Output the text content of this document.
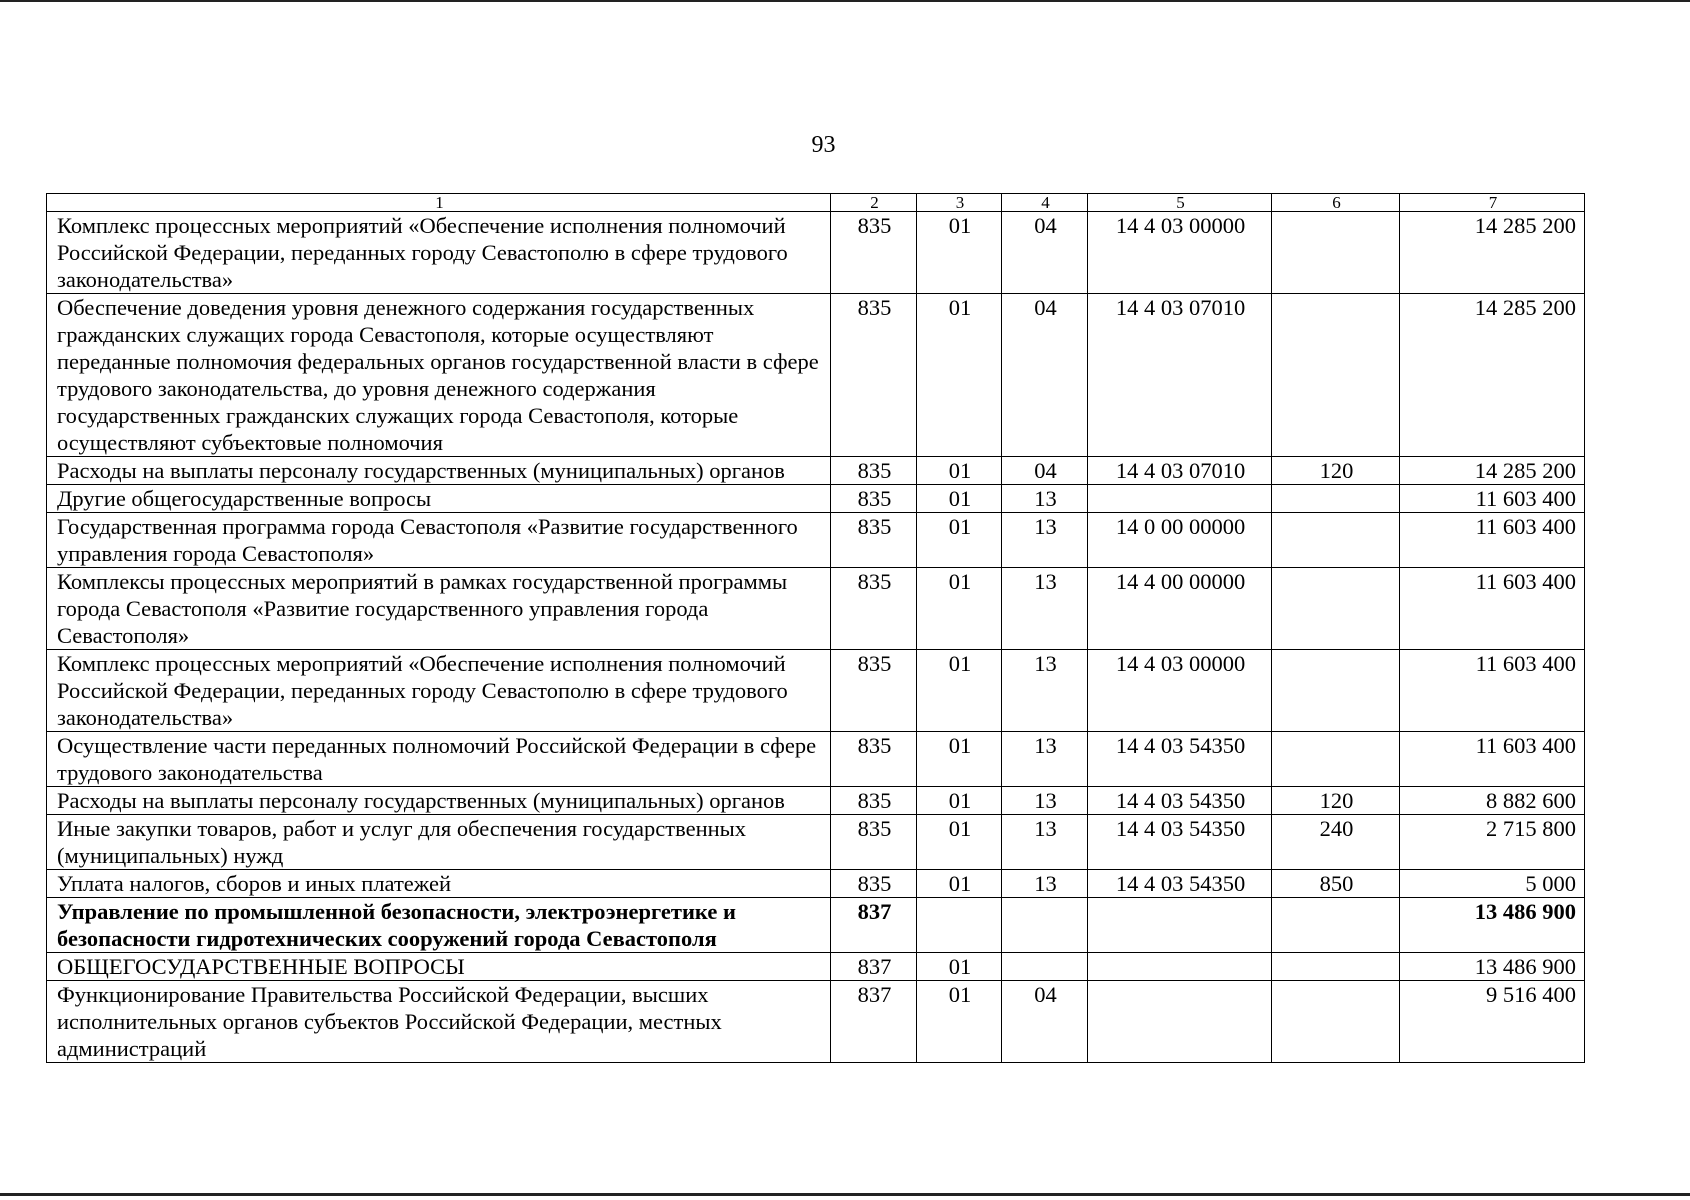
93
1	2	3	4	5	6	7
Комплекс процессных мероприятий «Обеспечение исполнения полномочий Российской Федерации, переданных городу Севастополю в сфере трудового законодательства»	835	01	04	14 4 03 00000		14 285 200
Обеспечение доведения уровня денежного содержания государственных гражданских служащих города Севастополя, которые осуществляют переданные полномочия федеральных органов государственной власти в сфере трудового законодательства, до уровня денежного содержания государственных гражданских служащих города Севастополя, которые осуществляют субъектовые полномочия	835	01	04	14 4 03 07010		14 285 200
Расходы на выплаты персоналу государственных (муниципальных) органов	835	01	04	14 4 03 07010	120	14 285 200
Другие общегосударственные вопросы	835	01	13			11 603 400
Государственная программа города Севастополя «Развитие государственного управления города Севастополя»	835	01	13	14 0 00 00000		11 603 400
Комплексы процессных мероприятий в рамках государственной программы города Севастополя «Развитие государственного управления города Севастополя»	835	01	13	14 4 00 00000		11 603 400
Комплекс процессных мероприятий «Обеспечение исполнения полномочий Российской Федерации, переданных городу Севастополю в сфере трудового законодательства»	835	01	13	14 4 03 00000		11 603 400
Осуществление части переданных полномочий Российской Федерации в сфере трудового законодательства	835	01	13	14 4 03 54350		11 603 400
Расходы на выплаты персоналу государственных (муниципальных) органов	835	01	13	14 4 03 54350	120	8 882 600
Иные закупки товаров, работ и услуг для обеспечения государственных (муниципальных) нужд	835	01	13	14 4 03 54350	240	2 715 800
Уплата налогов, сборов и иных платежей	835	01	13	14 4 03 54350	850	5 000
Управление по промышленной безопасности, электроэнергетике и безопасности гидротехнических сооружений города Севастополя	837					13 486 900
ОБЩЕГОСУДАРСТВЕННЫЕ ВОПРОСЫ	837	01				13 486 900
Функционирование Правительства Российской Федерации, высших исполнительных органов субъектов Российской Федерации, местных администраций	837	01	04			9 516 400
